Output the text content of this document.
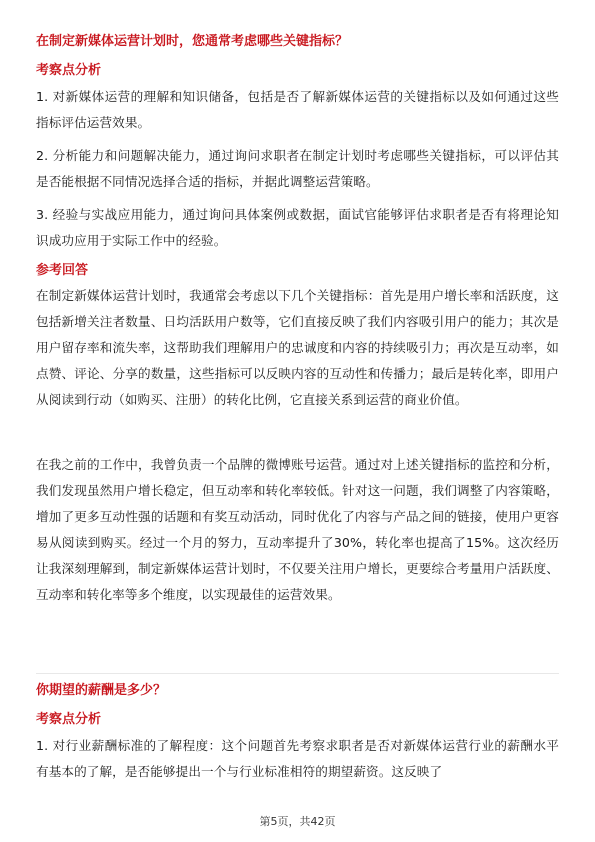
在制定新媒体运营计划时，您通常考虑哪些关键指标？
考察点分析
1. 对新媒体运营的理解和知识储备，包括是否了解新媒体运营的关键指标以及如何通过这些指标评估运营效果。
2. 分析能力和问题解决能力，通过询问求职者在制定计划时考虑哪些关键指标，可以评估其是否能根据不同情况选择合适的指标，并据此调整运营策略。
3. 经验与实战应用能力，通过询问具体案例或数据，面试官能够评估求职者是否有将理论知识成功应用于实际工作中的经验。
参考回答
在制定新媒体运营计划时，我通常会考虑以下几个关键指标：首先是用户增长率和活跃度，这包括新增关注者数量、日均活跃用户数等，它们直接反映了我们内容吸引用户的能力；其次是用户留存率和流失率，这帮助我们理解用户的忠诚度和内容的持续吸引力；再次是互动率，如点赞、评论、分享的数量，这些指标可以反映内容的互动性和传播力；最后是转化率，即用户从阅读到行动（如购买、注册）的转化比例，它直接关系到运营的商业价值。
在我之前的工作中，我曾负责一个品牌的微博账号运营。通过对上述关键指标的监控和分析，我们发现虽然用户增长稳定，但互动率和转化率较低。针对这一问题，我们调整了内容策略，增加了更多互动性强的话题和有奖互动活动，同时优化了内容与产品之间的链接，使用户更容易从阅读到购买。经过一个月的努力，互动率提升了30%，转化率也提高了15%。这次经历让我深刻理解到，制定新媒体运营计划时，不仅要关注用户增长，更要综合考量用户活跃度、互动率和转化率等多个维度，以实现最佳的运营效果。
你期望的薪酬是多少？
考察点分析
1. 对行业薪酬标准的了解程度：这个问题首先考察求职者是否对新媒体运营行业的薪酬水平有基本的了解，是否能够提出一个与行业标准相符的期望薪资。这反映了
第5页，共42页
